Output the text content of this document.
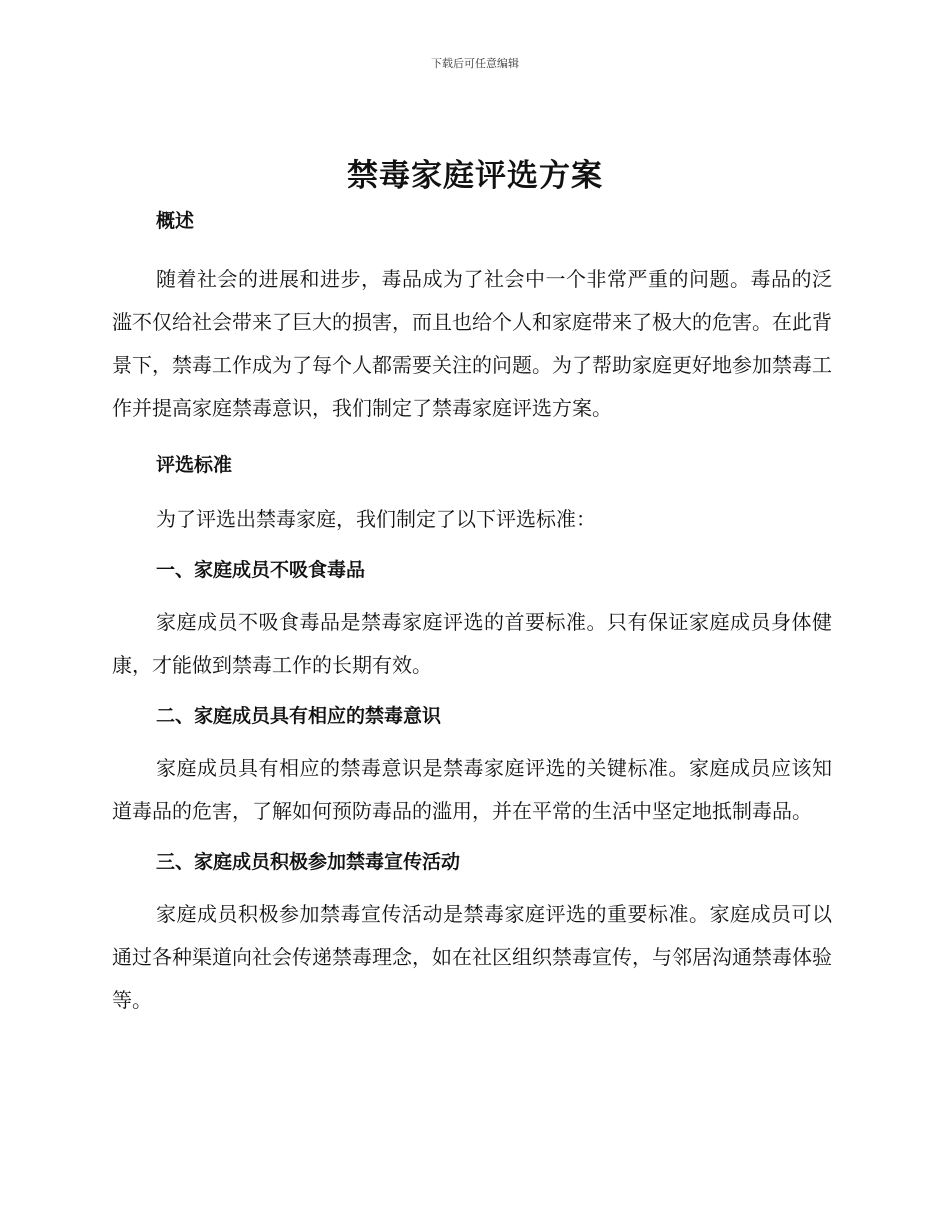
下载后可任意编辑
禁毒家庭评选方案

概述

随着社会的进展和进步，毒品成为了社会中一个非常严重的问题。毒品的泛滥不仅给社会带来了巨大的损害，而且也给个人和家庭带来了极大的危害。在此背景下，禁毒工作成为了每个人都需要关注的问题。为了帮助家庭更好地参加禁毒工作并提高家庭禁毒意识，我们制定了禁毒家庭评选方案。

评选标准

为了评选出禁毒家庭，我们制定了以下评选标准：

一、家庭成员不吸食毒品

家庭成员不吸食毒品是禁毒家庭评选的首要标准。只有保证家庭成员身体健康，才能做到禁毒工作的长期有效。

二、家庭成员具有相应的禁毒意识

家庭成员具有相应的禁毒意识是禁毒家庭评选的关键标准。家庭成员应该知道毒品的危害，了解如何预防毒品的滥用，并在平常的生活中坚定地抵制毒品。

三、家庭成员积极参加禁毒宣传活动

家庭成员积极参加禁毒宣传活动是禁毒家庭评选的重要标准。家庭成员可以通过各种渠道向社会传递禁毒理念，如在社区组织禁毒宣传，与邻居沟通禁毒体验等。
